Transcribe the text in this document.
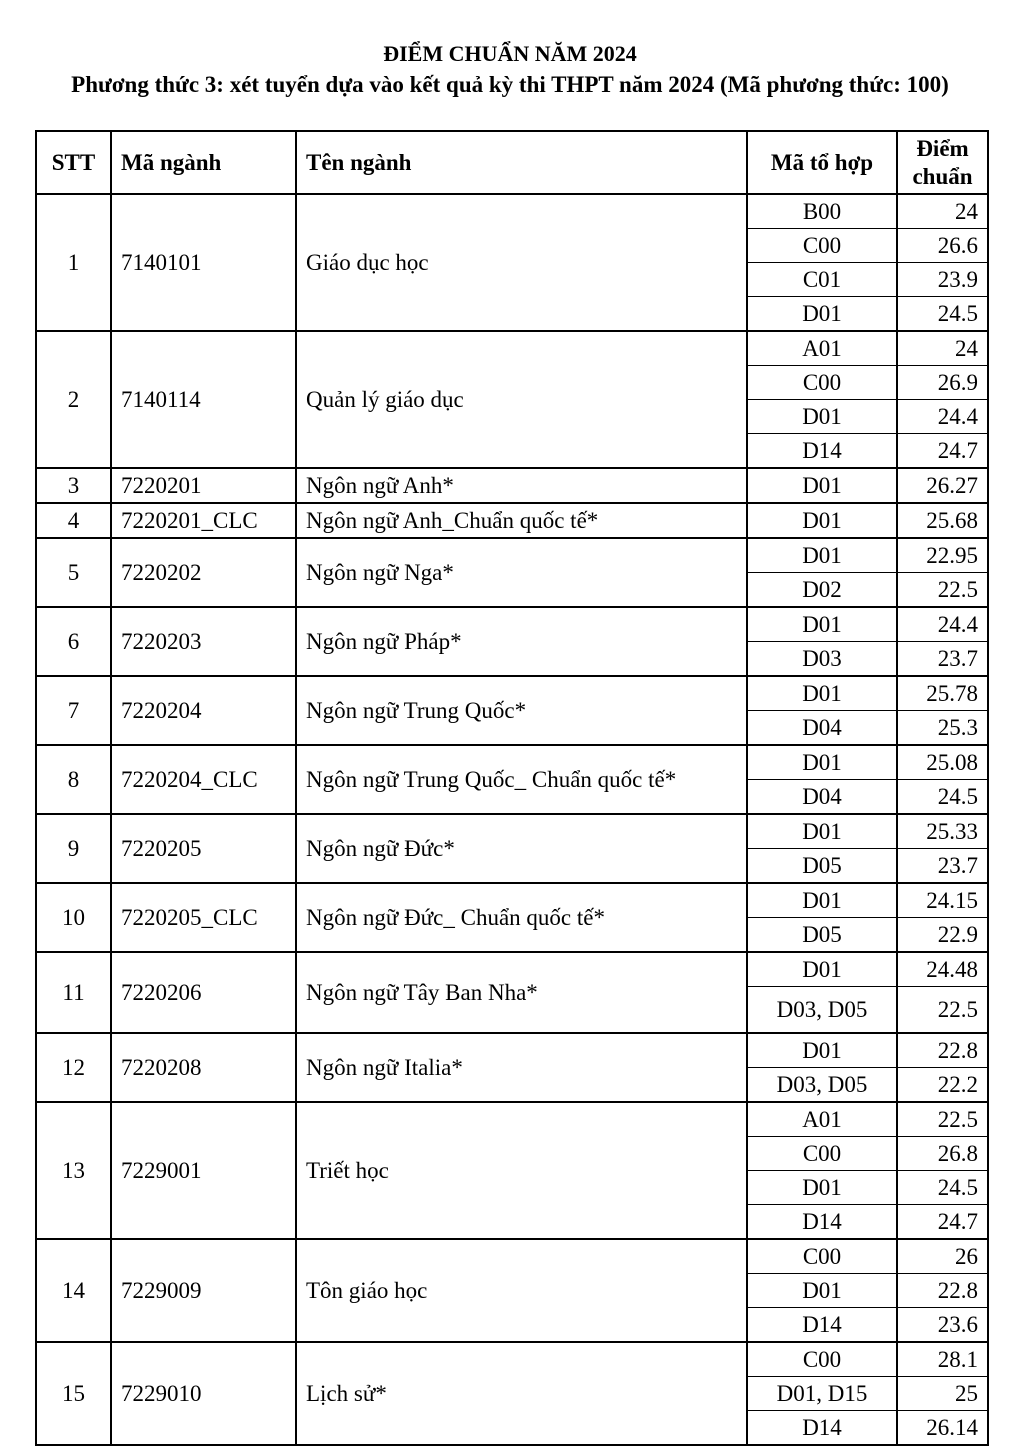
ĐIỂM CHUẨN NĂM 2024
Phương thức 3: xét tuyển dựa vào kết quả kỳ thi THPT năm 2024 (Mã phương thức: 100)
STT	Mã ngành	Tên ngành	Mã tổ hợp	Điểm chuẩn
1	7140101	Giáo dục học	B00	24
			C00	26.6
			C01	23.9
			D01	24.5
2	7140114	Quản lý giáo dục	A01	24
			C00	26.9
			D01	24.4
			D14	24.7
3	7220201	Ngôn ngữ Anh*	D01	26.27
4	7220201_CLC	Ngôn ngữ Anh_Chuẩn quốc tế*	D01	25.68
5	7220202	Ngôn ngữ Nga*	D01	22.95
			D02	22.5
6	7220203	Ngôn ngữ Pháp*	D01	24.4
			D03	23.7
7	7220204	Ngôn ngữ Trung Quốc*	D01	25.78
			D04	25.3
8	7220204_CLC	Ngôn ngữ Trung Quốc_ Chuẩn quốc tế*	D01	25.08
			D04	24.5
9	7220205	Ngôn ngữ Đức*	D01	25.33
			D05	23.7
10	7220205_CLC	Ngôn ngữ Đức_ Chuẩn quốc tế*	D01	24.15
			D05	22.9
11	7220206	Ngôn ngữ Tây Ban Nha*	D01	24.48
			D03, D05	22.5
12	7220208	Ngôn ngữ Italia*	D01	22.8
			D03, D05	22.2
13	7229001	Triết học	A01	22.5
			C00	26.8
			D01	24.5
			D14	24.7
14	7229009	Tôn giáo học	C00	26
			D01	22.8
			D14	23.6
15	7229010	Lịch sử*	C00	28.1
			D01, D15	25
			D14	26.14
